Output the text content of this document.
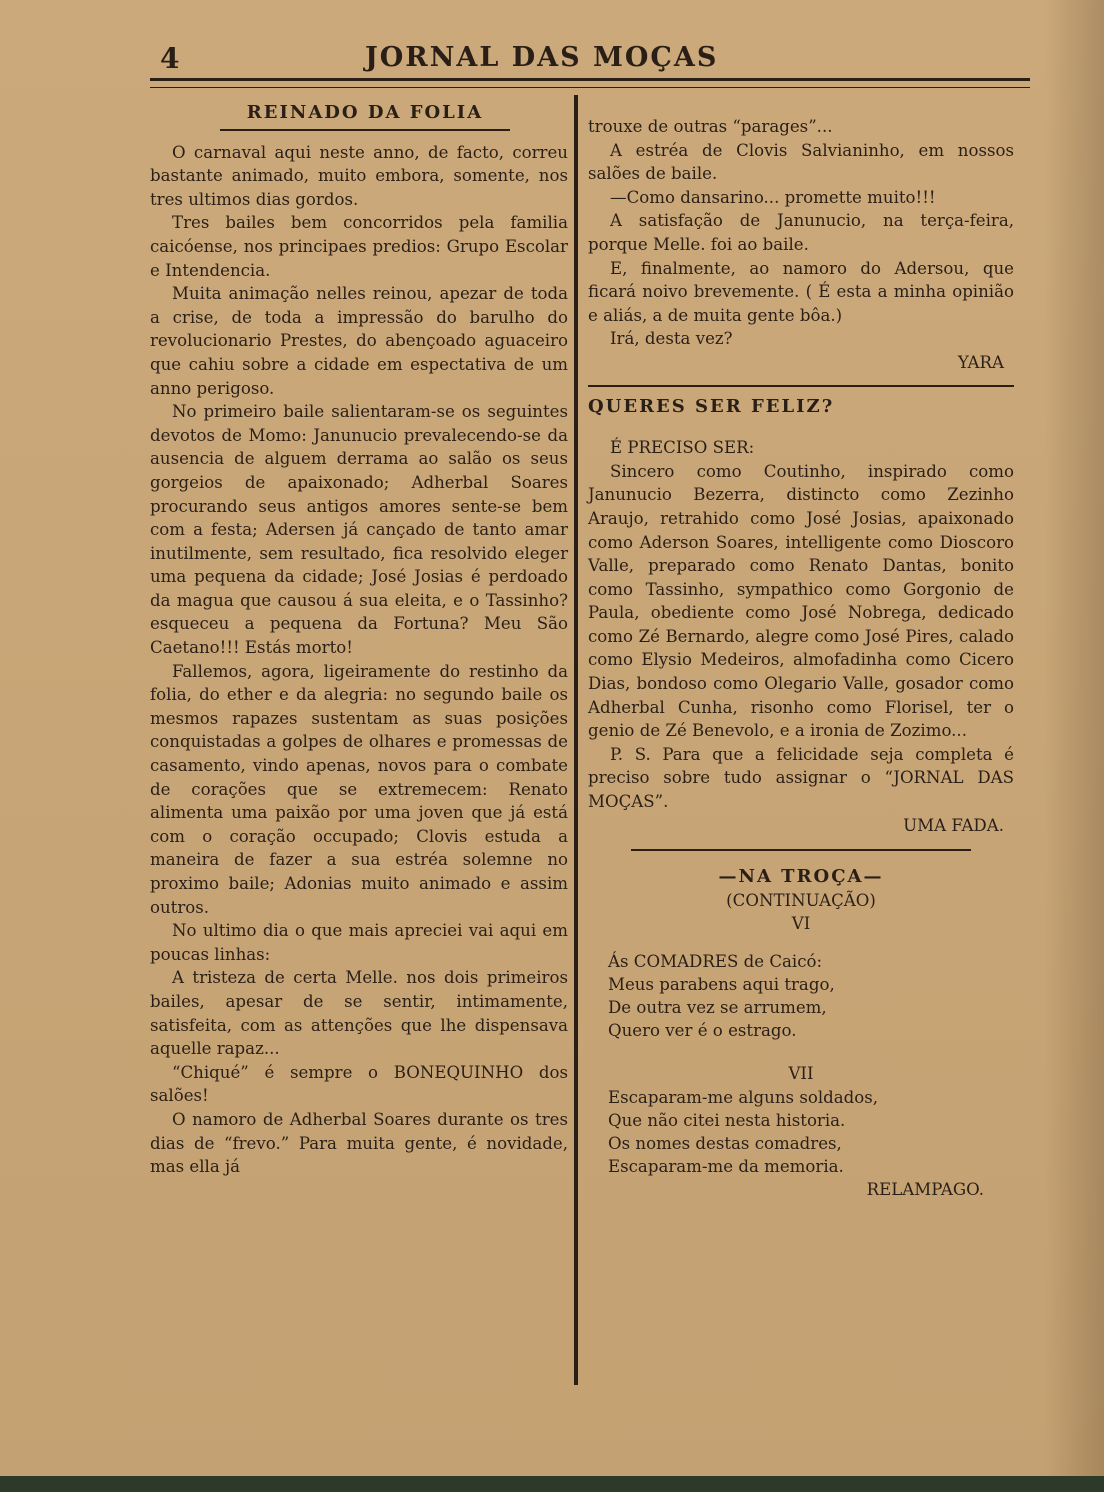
4	JORNAL DAS MOÇAS
REINADO DA FOLIA

O carnaval aqui neste anno, de facto, correu bastante animado, muito embora, somente, nos tres ultimos dias gordos.

Tres bailes bem concorridos pela familia caicóense, nos principaes predios: Grupo Escolar e Intendencia.

Muita animação nelles reinou, apezar de toda a crise, de toda a impressão do barulho do revolucionario Prestes, do abençoado aguaceiro que cahiu sobre a cidade em espectativa de um anno perigoso.

No primeiro baile salientaram-se os seguintes devotos de Momo: Janunucio prevalecendo-se da ausencia de alguem derrama ao salão os seus gorgeios de apaixonado; Adherbal Soares procurando seus antigos amores sente-se bem com a festa; Adersen já cançado de tanto amar inutilmente, sem resultado, fica resolvido eleger uma pequena da cidade; José Josias é perdoado da magua que causou á sua eleita, e o Tassinho? esqueceu a pequena da Fortuna? Meu São Caetano!!! Estás morto!

Fallemos, agora, ligeiramente do restinho da folia, do ether e da alegria: no segundo baile os mesmos rapazes sustentam as suas posições conquistadas a golpes de olhares e promessas de casamento, vindo apenas, novos para o combate de corações que se extremecem: Renato alimenta uma paixão por uma joven que já está com o coração occupado; Clovis estuda a maneira de fazer a sua estréa solemne no proximo baile; Adonias muito animado e assim outros.

No ultimo dia o que mais apreciei vai aqui em poucas linhas:

A tristeza de certa Melle. nos dois primeiros bailes, apesar de se sentir, intimamente, satisfeita, com as attenções que lhe dispensava aquelle rapaz...

“Chiqué” é sempre o BONEQUINHO dos salões!

O namoro de Adherbal Soares durante os tres dias de “frevo.” Para muita gente, é novidade, mas ella já

trouxe de outras “parages”...

A estréa de Clovis Salvianinho, em nossos salões de baile.

—Como dansarino... promette muito!!!

A satisfação de Janunucio, na terça-feira, porque Melle. foi ao baile.

E, finalmente, ao namoro do Adersou, que ficará noivo brevemente. ( É esta a minha opinião e aliás, a de muita gente bôa.)

Irá, desta vez?

YARA
QUERES SER FELIZ?

É PRECISO SER:

Sincero como Coutinho, inspirado como Janunucio Bezerra, distincto como Zezinho Araujo, retrahido como José Josias, apaixonado como Aderson Soares, intelligente como Dioscoro Valle, preparado como Renato Dantas, bonito como Tassinho, sympathico como Gorgonio de Paula, obediente como José Nobrega, dedicado como Zé Bernardo, alegre como José Pires, calado como Elysio Medeiros, almofadinha como Cicero Dias, bondoso como Olegario Valle, gosador como Adherbal Cunha, risonho como Florisel, ter o genio de Zé Benevolo, e a ironia de Zozimo...

P. S. Para que a felicidade seja completa é preciso sobre tudo assignar o “JORNAL DAS MOÇAS”.

UMA FADA.
—NA TROÇA—
(CONTINUAÇÃO)
VI
Ás COMADRES de Caicó:
Meus parabens aqui trago,
De outra vez se arrumem,
Quero ver é o estrago.
VII
Escaparam-me alguns soldados,
Que não citei nesta historia.
Os nomes destas comadres,
Escaparam-me da memoria.
RELAMPAGO.
